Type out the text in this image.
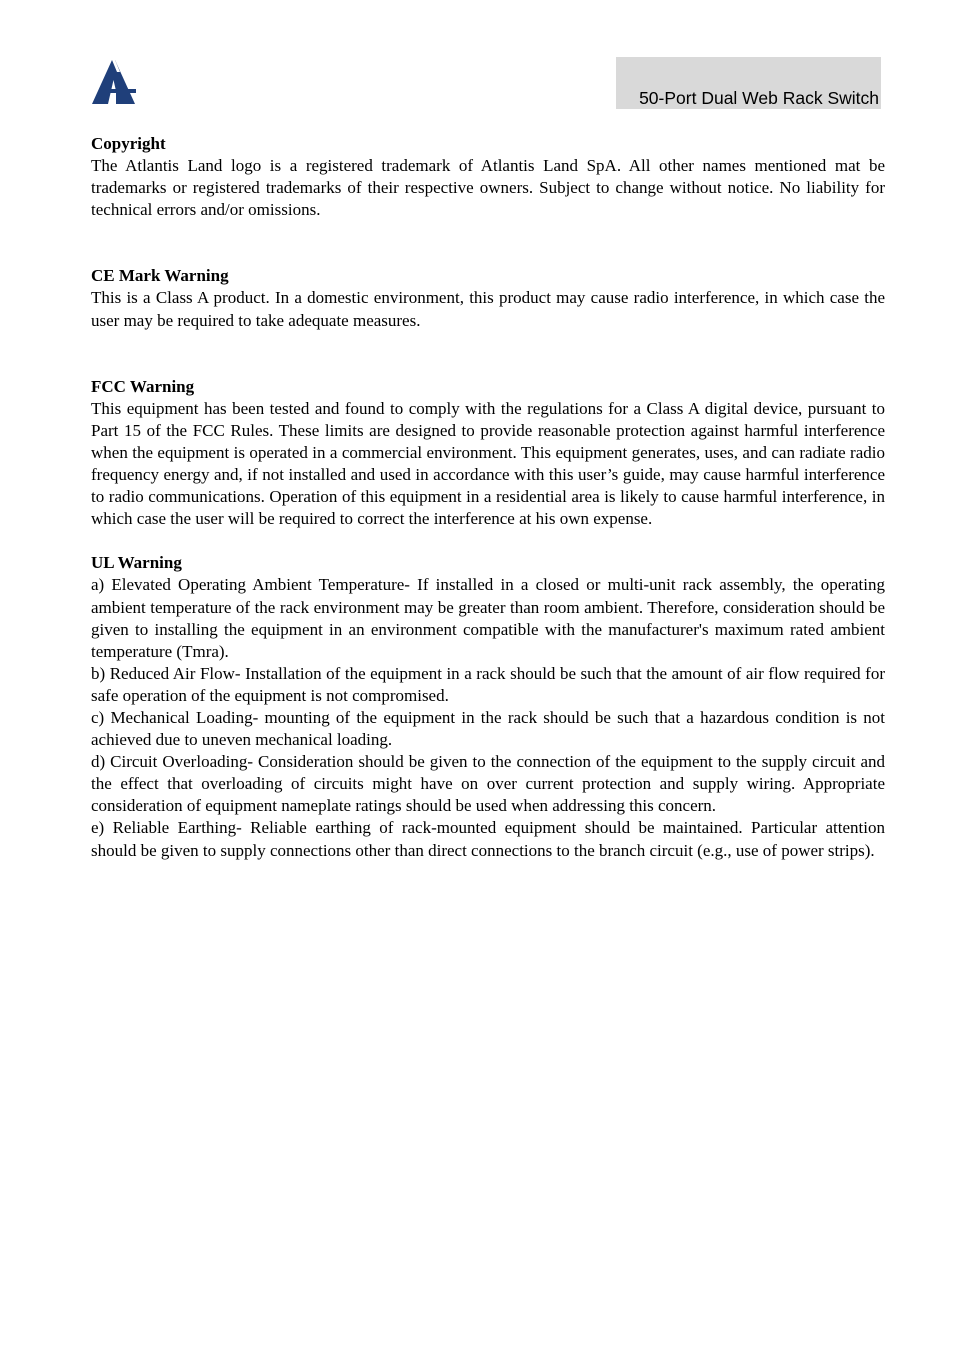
50-Port Dual Web Rack Switch

Copyright

The Atlantis Land logo is a registered trademark of Atlantis Land SpA. All other names mentioned mat be trademarks or registered trademarks of their respective owners. Subject to change without notice. No liability for technical errors and/or omissions.

CE Mark Warning

This is a Class A product. In a domestic environment, this product may cause radio interference, in which case the user may be required to take adequate measures.

FCC Warning

This equipment has been tested and found to comply with the regulations for a Class A digital device, pursuant to Part 15 of the FCC Rules. These limits are designed to provide reasonable protection against harmful interference when the equipment is operated in a commercial environment. This equipment generates, uses, and can radiate radio frequency energy and, if not installed and used in accordance with this user’s guide, may cause harmful interference to radio communications. Operation of this equipment in a residential area is likely to cause harmful interference, in which case the user will be required to correct the interference at his own expense.

UL Warning

a) Elevated Operating Ambient Temperature- If installed in a closed or multi-unit rack assembly, the operating ambient temperature of the rack environment may be greater than room ambient. Therefore, consideration should be given to installing the equipment in an environment compatible with the manufacturer's maximum rated ambient temperature (Tmra).

b) Reduced Air Flow- Installation of the equipment in a rack should be such that the amount of air flow required for safe operation of the equipment is not compromised.

c) Mechanical Loading- mounting of the equipment in the rack should be such that a hazardous condition is not achieved due to uneven mechanical loading.

d) Circuit Overloading- Consideration should be given to the connection of the equipment to the supply circuit and the effect that overloading of circuits might have on over current protection and supply wiring. Appropriate consideration of equipment nameplate ratings should be used when addressing this concern.

e) Reliable Earthing- Reliable earthing of rack-mounted equipment should be maintained. Particular attention should be given to supply connections other than direct connections to the branch circuit (e.g., use of power strips).
